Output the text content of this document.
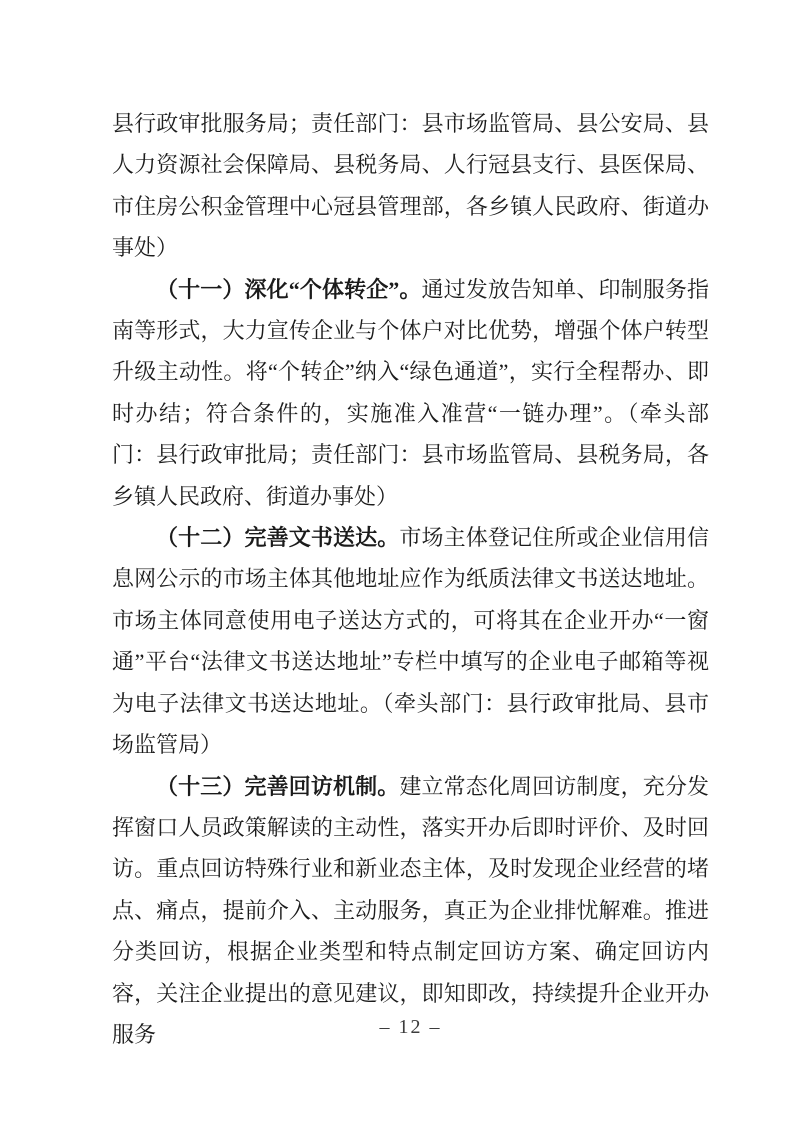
县行政审批服务局；责任部门：县市场监管局、县公安局、县人力资源社会保障局、县税务局、人行冠县支行、县医保局、市住房公积金管理中心冠县管理部，各乡镇人民政府、街道办事处）

（十一）深化“个体转企”。通过发放告知单、印制服务指南等形式，大力宣传企业与个体户对比优势，增强个体户转型升级主动性。将“个转企”纳入“绿色通道”，实行全程帮办、即时办结；符合条件的，实施准入准营“一链办理”。（牵头部门：县行政审批局；责任部门：县市场监管局、县税务局，各乡镇人民政府、街道办事处）

（十二）完善文书送达。市场主体登记住所或企业信用信息网公示的市场主体其他地址应作为纸质法律文书送达地址。市场主体同意使用电子送达方式的，可将其在企业开办“一窗通”平台“法律文书送达地址”专栏中填写的企业电子邮箱等视为电子法律文书送达地址。（牵头部门：县行政审批局、县市场监管局）

（十三）完善回访机制。建立常态化周回访制度，充分发挥窗口人员政策解读的主动性，落实开办后即时评价、及时回访。重点回访特殊行业和新业态主体，及时发现企业经营的堵点、痛点，提前介入、主动服务，真正为企业排忧解难。推进分类回访，根据企业类型和特点制定回访方案、确定回访内容，关注企业提出的意见建议，即知即改，持续提升企业开办服务	– 12 –
